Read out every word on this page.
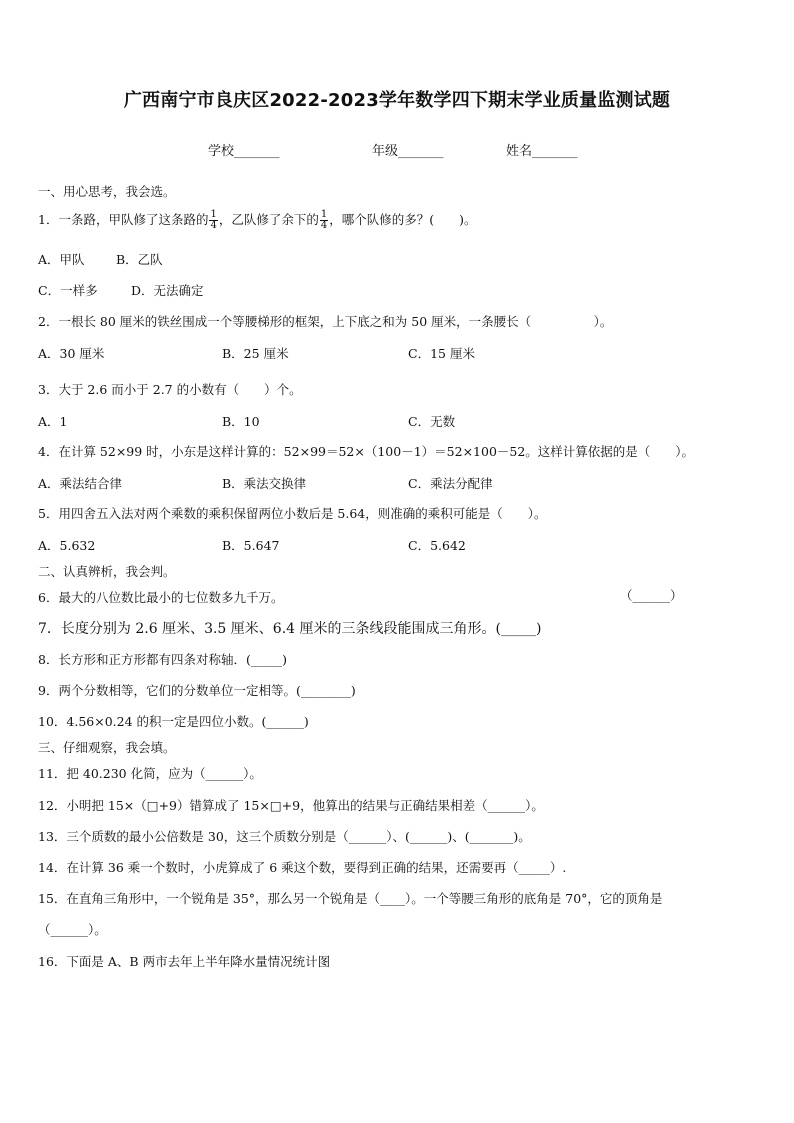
广西南宁市良庆区2022-2023学年数学四下期末学业质量监测试题
学校_______	年级_______	姓名_______
一、用心思考，我会选。
1．一条路，甲队修了这条路的 $\frac{1}{4}$ ，乙队修了余下的 $\frac{1}{4}$ ，哪个队修的多？(　　)。
A．甲队	B．乙队
C．一样多	D．无法确定
2．一根长 80 厘米的铁丝围成一个等腰梯形的框架，上下底之和为 50 厘米，一条腰长（　　　　　）。
A．30 厘米	B．25 厘米	C．15 厘米
3．大于 2.6 而小于 2.7 的小数有（　　）个。
A．1	B．10	C．无数
4．在计算 52×99 时，小东是这样计算的：52×99＝52×（100－1）＝52×100－52。这样计算依据的是（　　）。
A．乘法结合律	B．乘法交换律	C．乘法分配律
5．用四舍五入法对两个乘数的乘积保留两位小数后是 5.64，则准确的乘积可能是（　　）。
A．5.632	B．5.647	C．5.642
二、认真辨析，我会判。
6．最大的八位数比最小的七位数多九千万。	（______）
7．长度分别为 2.6 厘米、3.5 厘米、6.4 厘米的三条线段能围成三角形。(_____)
8．长方形和正方形都有四条对称轴．(_____)
9．两个分数相等，它们的分数单位一定相等。(________)
10．4.56×0.24 的积一定是四位小数。(______)
三、仔细观察，我会填。
11．把 40.230 化简，应为（______）。
12．小明把 15×（□+9）错算成了 15×□+9，他算出的结果与正确结果相差（______）。
13．三个质数的最小公倍数是 30，这三个质数分别是（______）、(______)、(_______)。
14．在计算 36 乘一个数时，小虎算成了 6 乘这个数，要得到正确的结果，还需要再（_____）.
15．在直角三角形中，一个锐角是 35°，那么另一个锐角是（____）。一个等腰三角形的底角是 70°，它的顶角是
（______）。
16．下面是 A、B 两市去年上半年降水量情况统计图
